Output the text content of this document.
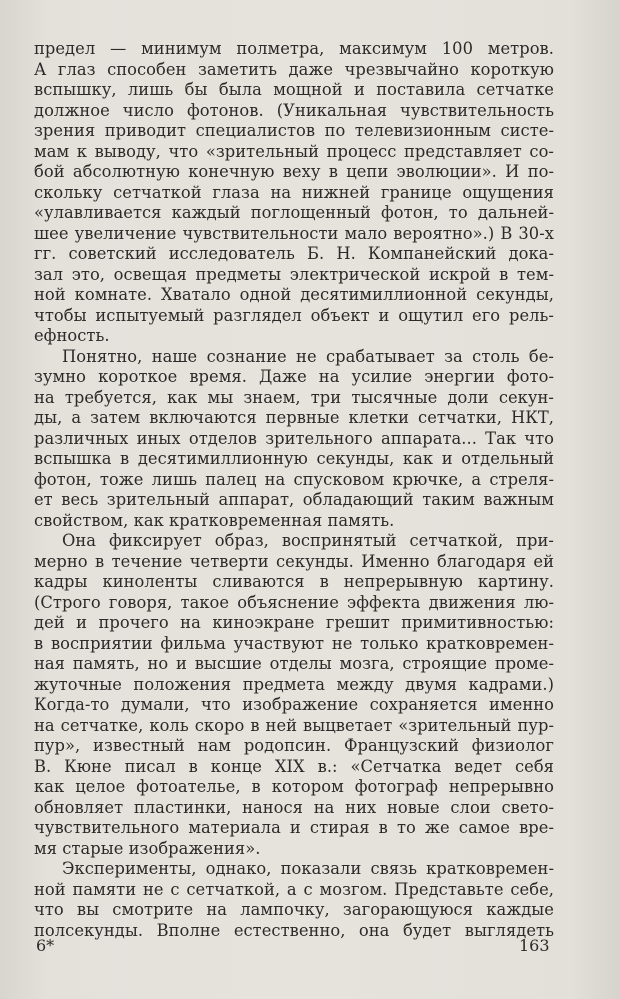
предел — минимум полметра, максимум 100 метров.
А глаз способен заметить даже чрезвычайно короткую
вспышку, лишь бы была мощной и поставила сетчатке
должное число фотонов. (Уникальная чувствительность
зрения приводит специалистов по телевизионным систе-
мам к выводу, что «зрительный процесс представляет со-
бой абсолютную конечную веху в цепи эволюции». И по-
скольку сетчаткой глаза на нижней границе ощущения
«улавливается каждый поглощенный фотон, то дальней-
шее увеличение чувствительности мало вероятно».) В 30-х
гг. советский исследователь Б. Н. Компанейский дока-
зал это, освещая предметы электрической искрой в тем-
ной комнате. Хватало одной десятимиллионной секунды,
чтобы испытуемый разглядел объект и ощутил его рель-
ефность.
Понятно, наше сознание не срабатывает за столь бе-
зумно короткое время. Даже на усилие энергии фото-
на требуется, как мы знаем, три тысячные доли секун-
ды, а затем включаются первные клетки сетчатки, НКТ,
различных иных отделов зрительного аппарата... Так что
вспышка в десятимиллионную секунды, как и отдельный
фотон, тоже лишь палец на спусковом крючке, а стреля-
ет весь зрительный аппарат, обладающий таким важным
свойством, как кратковременная память.
Она фиксирует образ, воспринятый сетчаткой, при-
мерно в течение четверти секунды. Именно благодаря ей
кадры киноленты сливаются в непрерывную картину.
(Строго говоря, такое объяснение эффекта движения лю-
дей и прочего на киноэкране грешит примитивностью:
в восприятии фильма участвуют не только кратковремен-
ная память, но и высшие отделы мозга, строящие проме-
жуточные положения предмета между двумя кадрами.)
Когда-то думали, что изображение сохраняется именно
на сетчатке, коль скоро в ней выцветает «зрительный пур-
пур», известный нам родопсин. Французский физиолог
В. Кюне писал в конце XIX в.: «Сетчатка ведет себя
как целое фотоателье, в котором фотограф непрерывно
обновляет пластинки, нанося на них новые слои свето-
чувствительного материала и стирая в то же самое вре-
мя старые изображения».
Эксперименты, однако, показали связь кратковремен-
ной памяти не с сетчаткой, а с мозгом. Представьте себе,
что вы смотрите на лампочку, загорающуюся каждые
полсекунды. Вполне естественно, она будет выглядеть
6*	163
